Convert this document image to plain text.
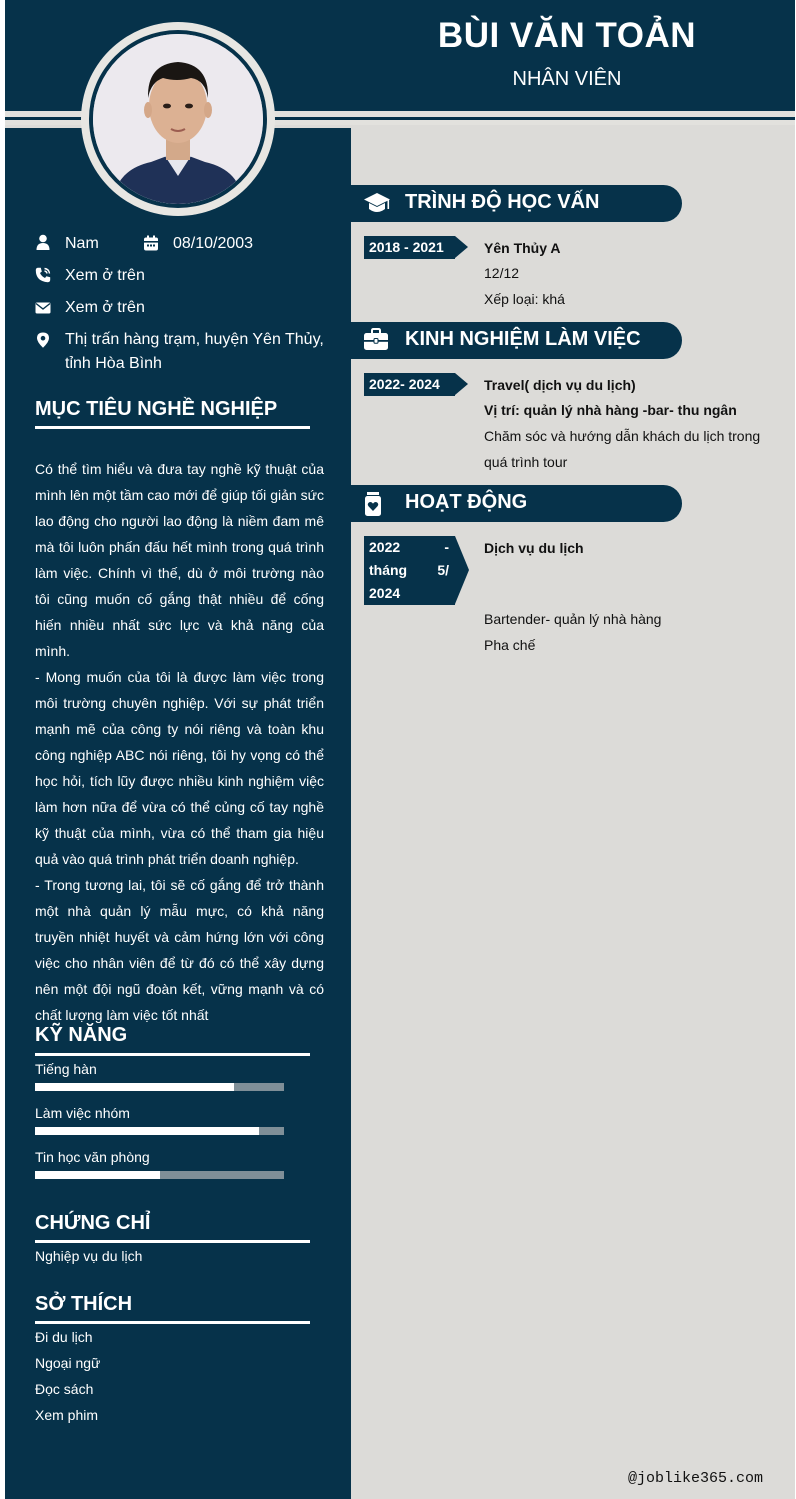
BÙI VĂN TOẢN
NHÂN VIÊN
Nam	08/10/2003
Xem ở trên
Xem ở trên
Thị trấn hàng trạm, huyện Yên Thủy,
tỉnh Hòa Bình
MỤC TIÊU NGHỀ NGHIỆP

Có thể tìm hiểu và đưa tay nghề kỹ thuật của mình lên một tầm cao mới để giúp tối giản sức lao động cho người lao động là niềm đam mê mà tôi luôn phấn đấu hết mình trong quá trình làm việc. Chính vì thế, dù ở môi trường nào tôi cũng muốn cố gắng thật nhiều để cống hiến nhiều nhất sức lực và khả năng của mình.

- Mong muốn của tôi là được làm việc trong môi trường chuyên nghiệp. Với sự phát triển mạnh mẽ của công ty nói riêng và toàn khu công nghiệp ABC nói riêng, tôi hy vọng có thể học hỏi, tích lũy được nhiều kinh nghiệm việc làm hơn nữa để vừa có thể củng cố tay nghề kỹ thuật của mình, vừa có thể tham gia hiệu quả vào quá trình phát triển doanh nghiệp.

- Trong tương lai, tôi sẽ cố gắng để trở thành một nhà quản lý mẫu mực, có khả năng truyền nhiệt huyết và cảm hứng lớn với công việc cho nhân viên để từ đó có thể xây dựng nên một đội ngũ đoàn kết, vững mạnh và có chất lượng làm việc tốt nhất

KỸ NĂNG
Tiếng hàn
Làm việc nhóm
Tin học văn phòng
CHỨNG CHỈ
Nghiệp vụ du lịch
SỞ THÍCH
Đi du lịch
Ngoại ngữ
Đọc sách
Xem phim
TRÌNH ĐỘ HỌC VẤN
2018 - 2021	Yên Thủy A
12/12
Xếp loại: khá
KINH NGHIỆM LÀM VIỆC
2022- 2024	Travel( dịch vụ du lịch)
Vị trí: quản lý nhà hàng -bar- thu ngân
Chăm sóc và hướng dẫn khách du lịch trong
quá trình tour
HOẠT ĐỘNG
2022	-
tháng 5/
2024
Dịch vụ du lịch
Bartender- quản lý nhà hàng
Pha chế
@joblike365.com
